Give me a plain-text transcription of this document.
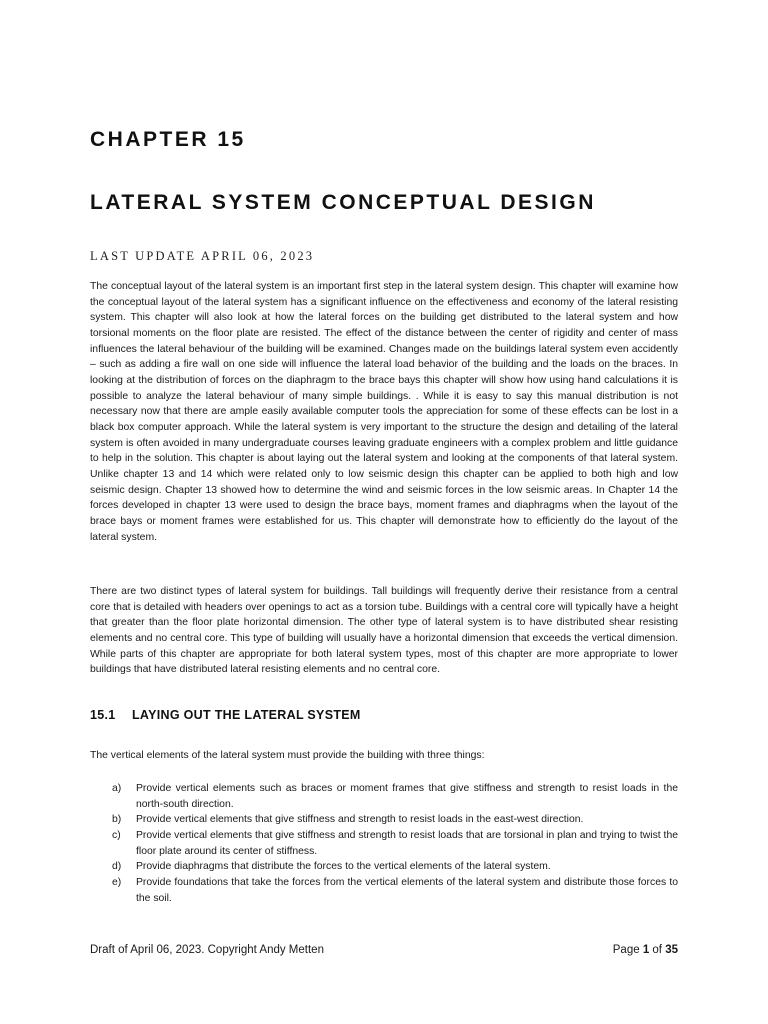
CHAPTER 15
LATERAL SYSTEM CONCEPTUAL DESIGN
LAST UPDATE APRIL 06, 2023

The conceptual layout of the lateral system is an important first step in the lateral system design. This chapter will examine how the conceptual layout of the lateral system has a significant influence on the effectiveness and economy of the lateral resisting system. This chapter will also look at how the lateral forces on the building get distributed to the lateral system and how torsional moments on the floor plate are resisted. The effect of the distance between the center of rigidity and center of mass influences the lateral behaviour of the building will be examined. Changes made on the buildings lateral system even accidently – such as adding a fire wall on one side will influence the lateral load behavior of the building and the loads on the braces. In looking at the distribution of forces on the diaphragm to the brace bays this chapter will show how using hand calculations it is possible to analyze the lateral behaviour of many simple buildings. . While it is easy to say this manual distribution is not necessary now that there are ample easily available computer tools the appreciation for some of these effects can be lost in a black box computer approach. While the lateral system is very important to the structure the design and detailing of the lateral system is often avoided in many undergraduate courses leaving graduate engineers with a complex problem and little guidance to help in the solution. This chapter is about laying out the lateral system and looking at the components of that lateral system. Unlike chapter 13 and 14 which were related only to low seismic design this chapter can be applied to both high and low seismic design. Chapter 13 showed how to determine the wind and seismic forces in the low seismic areas. In Chapter 14 the forces developed in chapter 13 were used to design the brace bays, moment frames and diaphragms when the layout of the brace bays or moment frames were established for us. This chapter will demonstrate how to efficiently do the layout of the lateral system.

There are two distinct types of lateral system for buildings. Tall buildings will frequently derive their resistance from a central core that is detailed with headers over openings to act as a torsion tube. Buildings with a central core will typically have a height that greater than the floor plate horizontal dimension. The other type of lateral system is to have distributed shear resisting elements and no central core. This type of building will usually have a horizontal dimension that exceeds the vertical dimension. While parts of this chapter are appropriate for both lateral system types, most of this chapter are more appropriate to lower buildings that have distributed lateral resisting elements and no central core.

15.1 LAYING OUT THE LATERAL SYSTEM

The vertical elements of the lateral system must provide the building with three things:

a) Provide vertical elements such as braces or moment frames that give stiffness and strength to resist loads in the north-south direction.
b) Provide vertical elements that give stiffness and strength to resist loads in the east-west direction.
c) Provide vertical elements that give stiffness and strength to resist loads that are torsional in plan and trying to twist the floor plate around its center of stiffness.
d) Provide diaphragms that distribute the forces to the vertical elements of the lateral system.
e) Provide foundations that take the forces from the vertical elements of the lateral system and distribute those forces to the soil.
Draft of April 06, 2023. Copyright Andy Metten	Page 1 of 35
